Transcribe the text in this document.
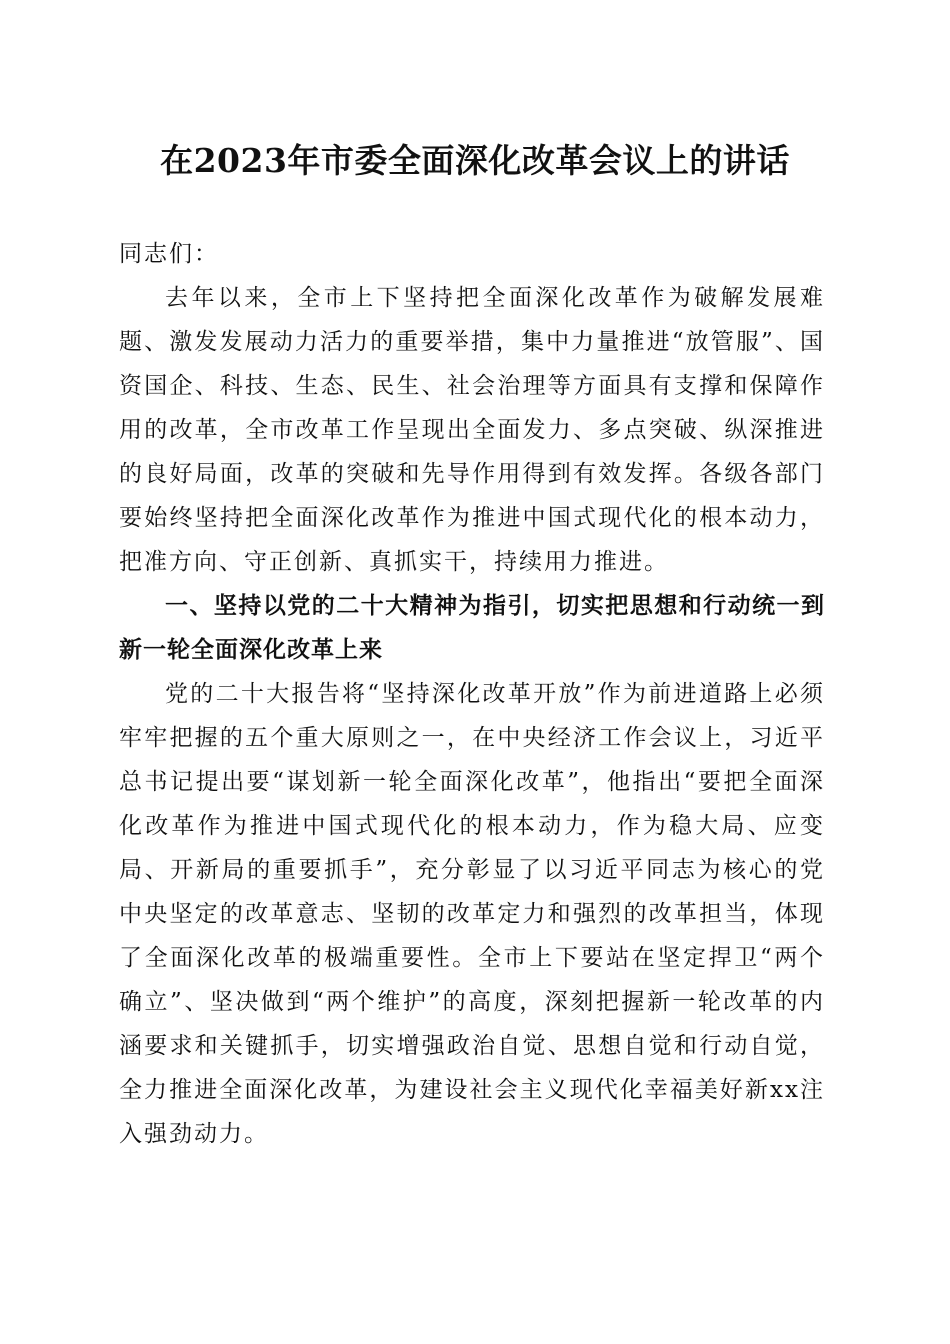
在2023年市委全面深化改革会议上的讲话

同志们：

去年以来，全市上下坚持把全面深化改革作为破解发展难题、激发发展动力活力的重要举措，集中力量推进“放管服”、国资国企、科技、生态、民生、社会治理等方面具有支撑和保障作用的改革，全市改革工作呈现出全面发力、多点突破、纵深推进的良好局面，改革的突破和先导作用得到有效发挥。各级各部门要始终坚持把全面深化改革作为推进中国式现代化的根本动力，把准方向、守正创新、真抓实干，持续用力推进。

一、坚持以党的二十大精神为指引，切实把思想和行动统一到新一轮全面深化改革上来

党的二十大报告将“坚持深化改革开放”作为前进道路上必须牢牢把握的五个重大原则之一，在中央经济工作会议上，习近平总书记提出要“谋划新一轮全面深化改革”，他指出“要把全面深化改革作为推进中国式现代化的根本动力，作为稳大局、应变局、开新局的重要抓手”，充分彰显了以习近平同志为核心的党中央坚定的改革意志、坚韧的改革定力和强烈的改革担当，体现了全面深化改革的极端重要性。全市上下要站在坚定捍卫“两个确立”、坚决做到“两个维护”的高度，深刻把握新一轮改革的内涵要求和关键抓手，切实增强政治自觉、思想自觉和行动自觉，全力推进全面深化改革，为建设社会主义现代化幸福美好新xx注入强劲动力。
